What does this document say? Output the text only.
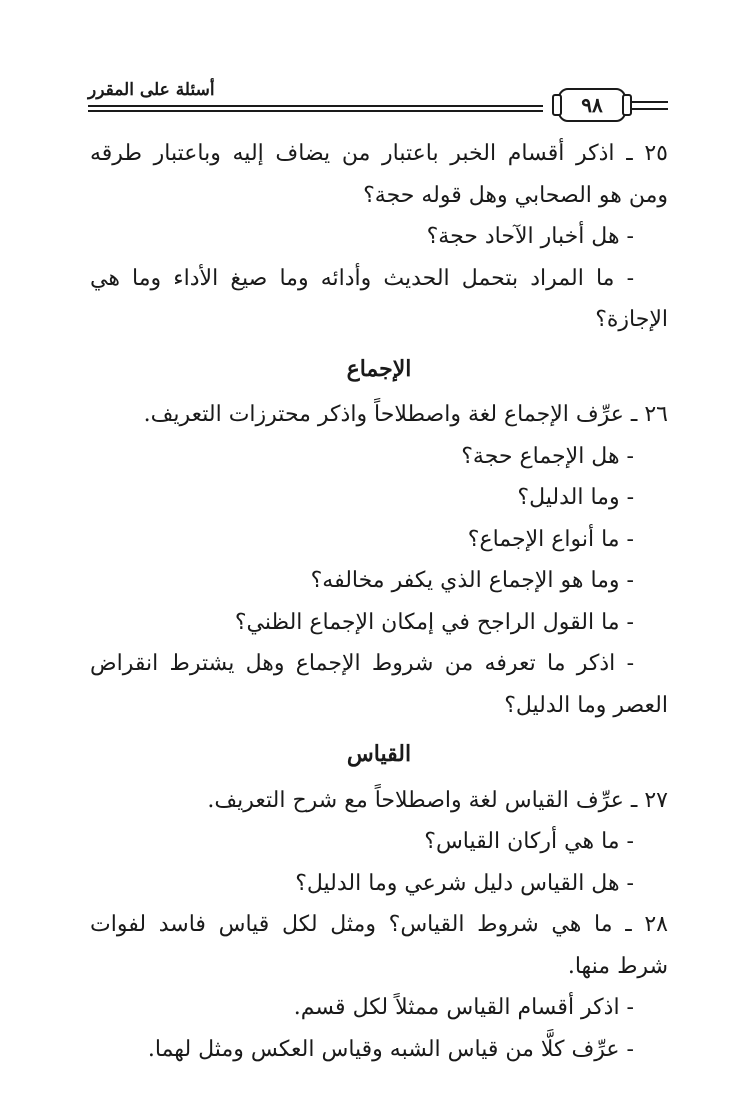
أسئلة على المقرر
٩٨
٢٥ ـ اذكر أقسام الخبر باعتبار من يضاف إليه وباعتبار طرقه
ومن هو الصحابي وهل قوله حجة؟
- هل أخبار الآحاد حجة؟
- ما المراد بتحمل الحديث وأدائه وما صيغ الأداء وما هي
الإجازة؟
الإجماع
٢٦ ـ عرِّف الإجماع لغة واصطلاحاً واذكر محترزات التعريف.
- هل الإجماع حجة؟
- وما الدليل؟
- ما أنواع الإجماع؟
- وما هو الإجماع الذي يكفر مخالفه؟
- ما القول الراجح في إمكان الإجماع الظني؟
- اذكر ما تعرفه من شروط الإجماع وهل يشترط انقراض
العصر وما الدليل؟
القياس
٢٧ ـ عرِّف القياس لغة واصطلاحاً مع شرح التعريف.
- ما هي أركان القياس؟
- هل القياس دليل شرعي وما الدليل؟
٢٨ ـ ما هي شروط القياس؟ ومثل لكل قياس فاسد لفوات
شرط منها.
- اذكر أقسام القياس ممثلاً لكل قسم.
- عرِّف كلًّا من قياس الشبه وقياس العكس ومثل لهما.
